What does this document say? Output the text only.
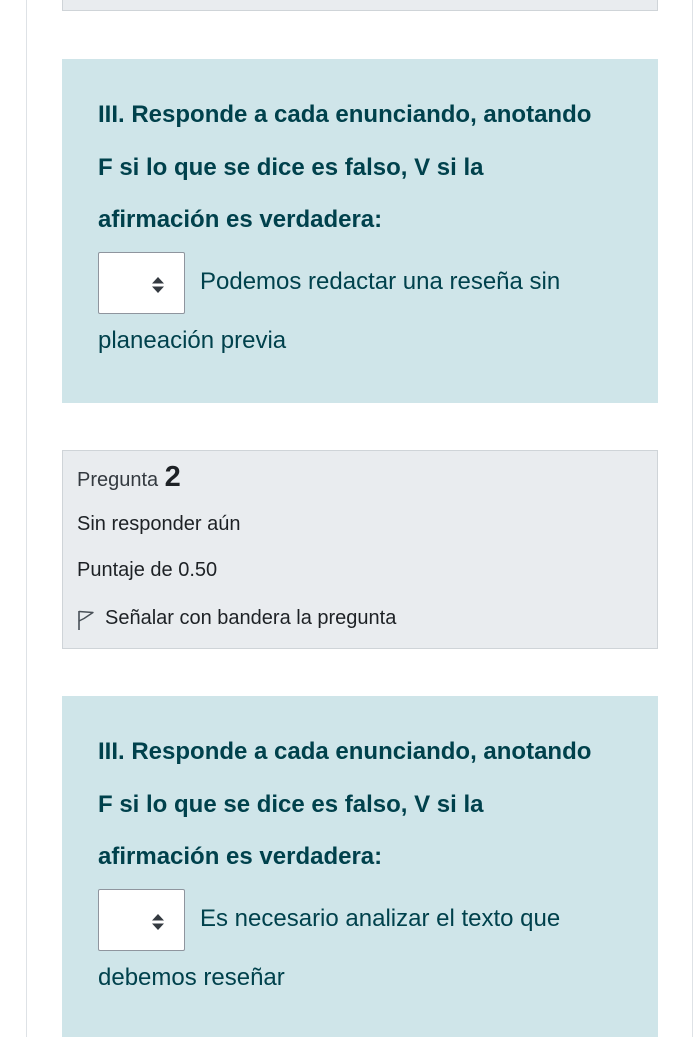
III. Responde a cada enunciando, anotando
F si lo que se dice es falso, V si la
afirmación es verdadera:
Podemos redactar una reseña sin
planeación previa
Pregunta 2
Sin responder aún
Puntaje de 0.50
Señalar con bandera la pregunta
III. Responde a cada enunciando, anotando
F si lo que se dice es falso, V si la
afirmación es verdadera:
Es necesario analizar el texto que
debemos reseñar
